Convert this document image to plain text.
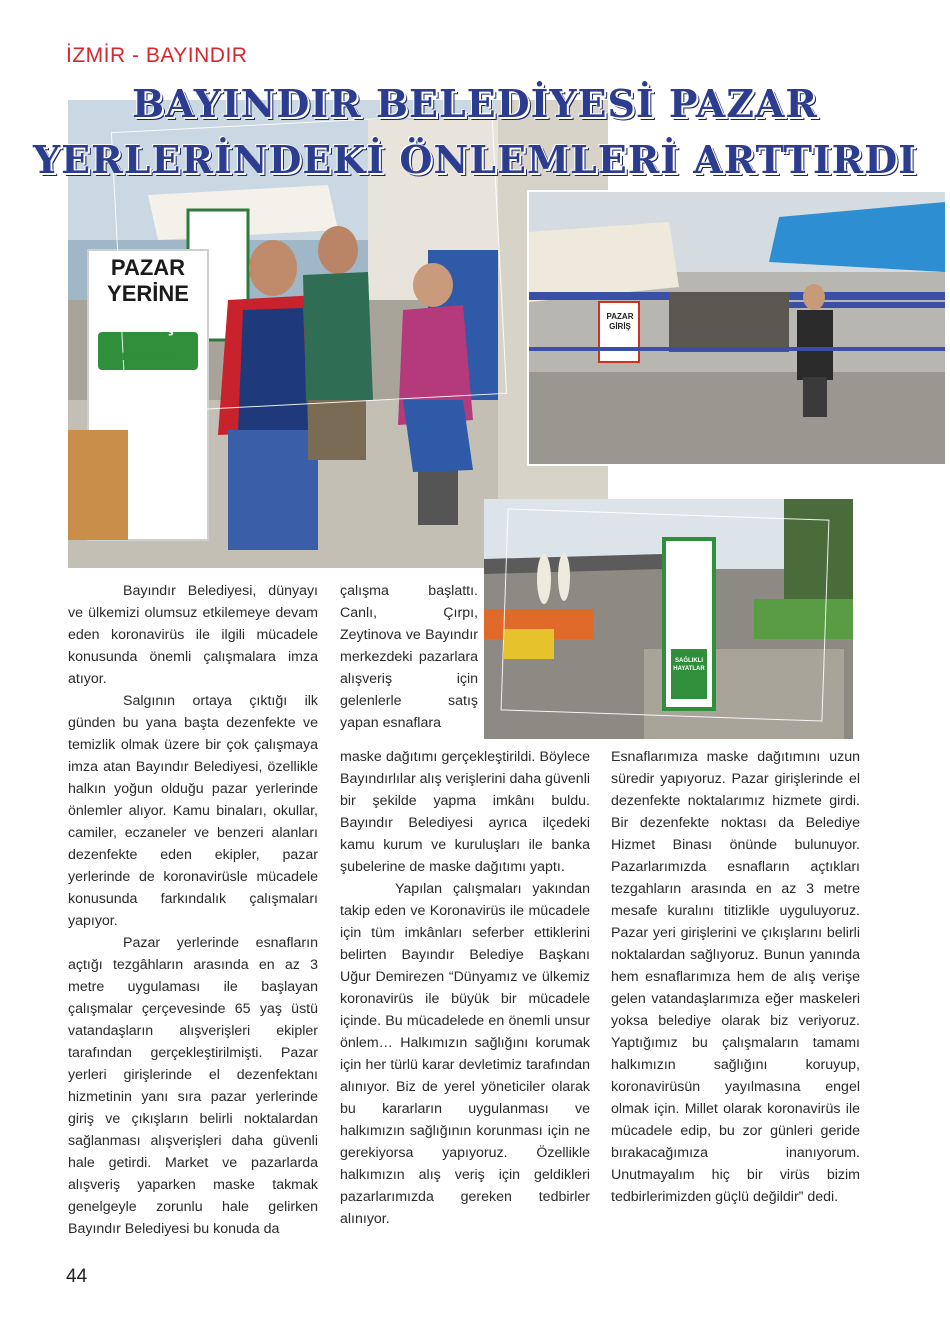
İZMİR - BAYINDIR
BAYINDIR BELEDİYESİ PAZAR
YERLERİNDEKİ ÖNLEMLERİ ARTTIRDI
PAZAR
YERİNE
GİRİŞ
BAYINDIR
PAZAR GİRİŞ
SAĞLIKLI HAYATLAR

Bayındır Belediyesi, dünyayı ve ülkemizi olumsuz etkilemeye devam eden koronavirüs ile ilgili mücadele konusunda önemli çalışmalara imza atıyor.

Salgının ortaya çıktığı ilk günden bu yana başta dezenfekte ve temizlik olmak üzere bir çok çalışmaya imza atan Bayındır Belediyesi, özellikle halkın yoğun olduğu pazar yerlerinde önlemler alıyor. Kamu binaları, okullar, camiler, eczaneler ve benzeri alanları dezenfekte eden ekipler, pazar yerlerinde de koronavirüsle mücadele konusunda farkındalık çalışmaları yapıyor.

Pazar yerlerinde esnafların açtığı tezgâhların arasında en az 3 metre uygulaması ile başlayan çalışmalar çerçevesinde 65 yaş üstü vatandaşların alışverişleri ekipler tarafından gerçekleştirilmişti. Pazar yerleri girişlerinde el dezenfektanı hizmetinin yanı sıra pazar yerlerinde giriş ve çıkışların belirli noktalardan sağlanması alışverişleri daha güvenli hale getirdi. Market ve pazarlarda alışveriş yaparken maske takmak genelgeyle zorunlu hale gelirken Bayındır Belediyesi bu konuda da

çalışma başlattı. Canlı, Çırpı, Zeytinova ve Bayındır merkezdeki pazarlara alışveriş için gelenlerle satış yapan esnaflara

maske dağıtımı gerçekleştirildi. Böylece Bayındırlılar alış verişlerini daha güvenli bir şekilde yapma imkânı buldu. Bayındır Belediyesi ayrıca ilçedeki kamu kurum ve kuruluşları ile banka şubelerine de maske dağıtımı yaptı.

Yapılan çalışmaları yakından takip eden ve Koronavirüs ile mücadele için tüm imkânları seferber ettiklerini belirten Bayındır Belediye Başkanı Uğur Demirezen “Dünyamız ve ülkemiz koronavirüs ile büyük bir mücadele içinde. Bu mücadelede en önemli unsur önlem… Halkımızın sağlığını korumak için her türlü karar devletimiz tarafından alınıyor. Biz de yerel yöneticiler olarak bu kararların uygulanması ve halkımızın sağlığının korunması için ne gerekiyorsa yapıyoruz. Özellikle halkımızın alış veriş için geldikleri pazarlarımızda gereken tedbirler alınıyor.

Esnaflarımıza maske dağıtımını uzun süredir yapıyoruz. Pazar girişlerinde el dezenfekte noktalarımız hizmete girdi. Bir dezenfekte noktası da Belediye Hizmet Binası önünde bulunuyor. Pazarlarımızda esnafların açtıkları tezgahların arasında en az 3 metre mesafe kuralını titizlikle uyguluyoruz. Pazar yeri girişlerini ve çıkışlarını belirli noktalardan sağlıyoruz. Bunun yanında hem esnaflarımıza hem de alış verişe gelen vatandaşlarımıza eğer maskeleri yoksa belediye olarak biz veriyoruz. Yaptığımız bu çalışmaların tamamı halkımızın sağlığını koruyup, koronavirüsün yayılmasına engel olmak için. Millet olarak koronavirüs ile mücadele edip, bu zor günleri geride bırakacağımıza inanıyorum. Unutmayalım hiç bir virüs bizim tedbirlerimizden güçlü değildir” dedi.

44
